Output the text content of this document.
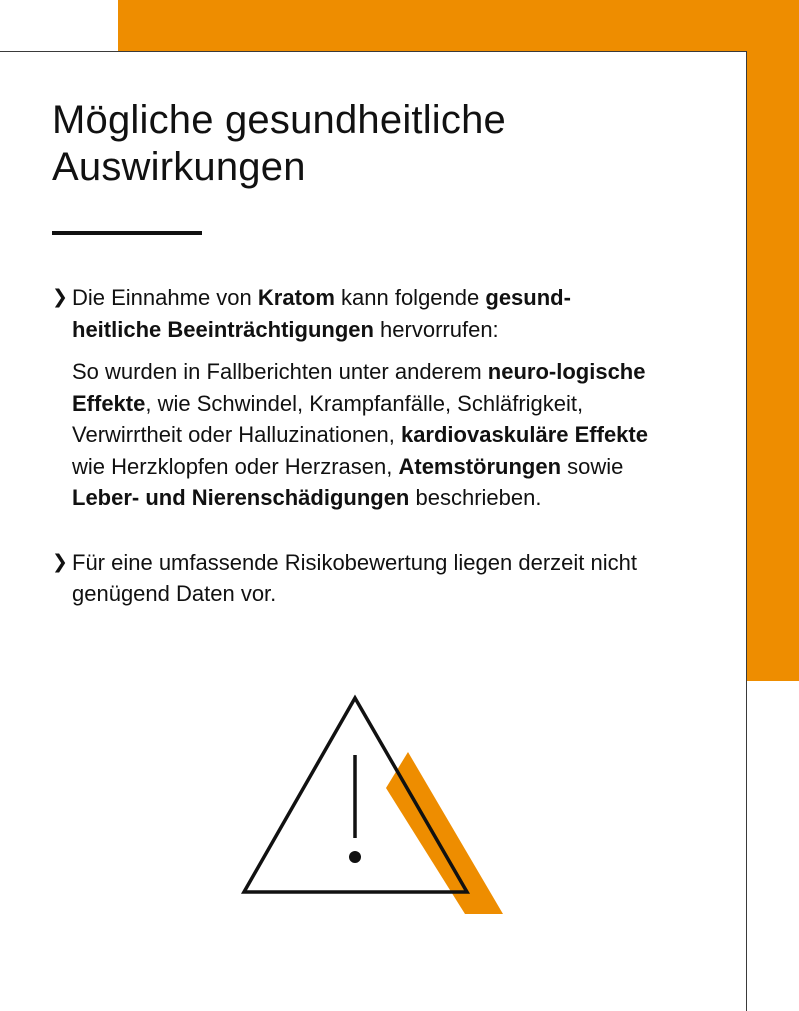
Mögliche gesundheitliche
Auswirkungen
❯ Die Einnahme von Kratom kann folgende gesund-heitliche Beeinträchtigungen hervorrufen:

So wurden in Fallberichten unter anderem neuro-logische Effekte, wie Schwindel, Krampfanfälle, Schläfrigkeit, Verwirrtheit oder Halluzinationen, kardiovaskuläre Effekte wie Herzklopfen oder Herzrasen, Atemstörungen sowie Leber- und Nierenschädigungen beschrieben.

❯ Für eine umfassende Risikobewertung liegen derzeit nicht genügend Daten vor.
